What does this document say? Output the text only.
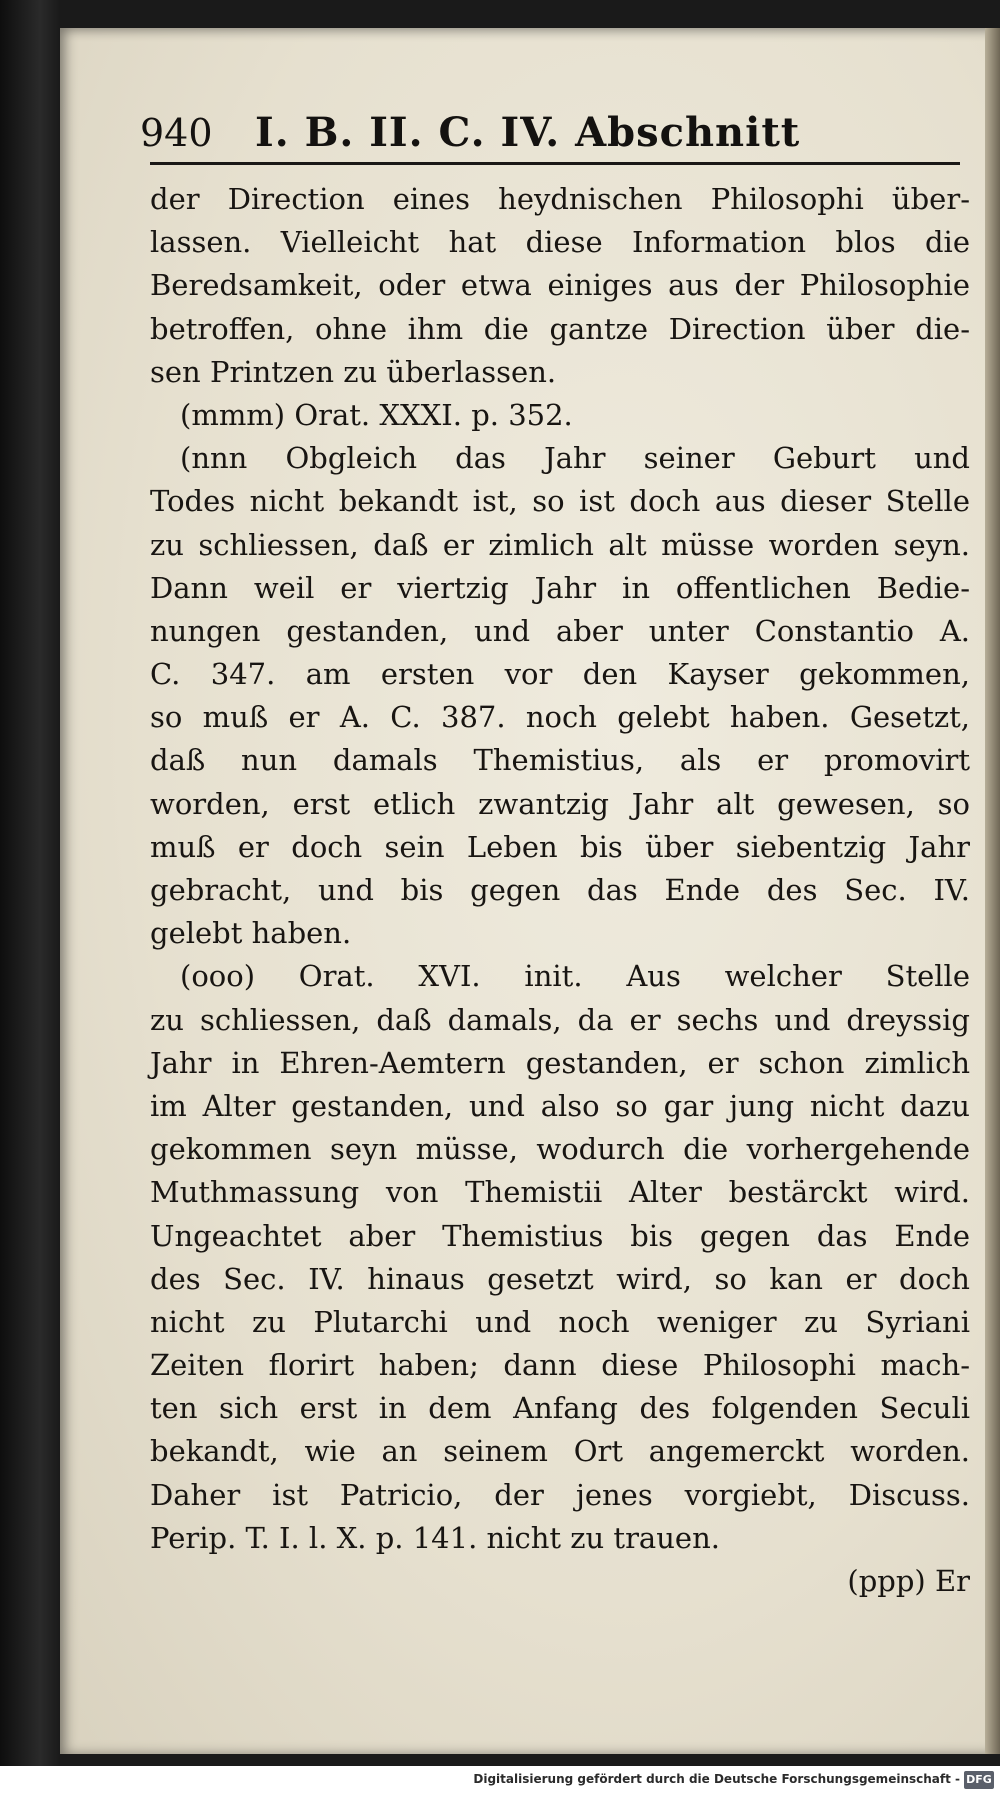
940 I. B. II. C. IV. Abschnitt
der Direction eines heydnischen Philosophi über-
lassen. Vielleicht hat diese Information blos die
Beredsamkeit, oder etwa einiges aus der Philosophie
betroffen, ohne ihm die gantze Direction über die-
sen Printzen zu überlassen.
(mmm) Orat. XXXI. p. 352.
(nnn Obgleich das Jahr seiner Geburt und
Todes nicht bekandt ist, so ist doch aus dieser Stelle
zu schliessen, daß er zimlich alt müsse worden seyn.
Dann weil er viertzig Jahr in offentlichen Bedie-
nungen gestanden, und aber unter Constantio A.
C. 347. am ersten vor den Kayser gekommen,
so muß er A. C. 387. noch gelebt haben. Gesetzt,
daß nun damals Themistius, als er promovirt
worden, erst etlich zwantzig Jahr alt gewesen, so
muß er doch sein Leben bis über siebentzig Jahr
gebracht, und bis gegen das Ende des Sec. IV.
gelebt haben.
(ooo) Orat. XVI. init. Aus welcher Stelle
zu schliessen, daß damals, da er sechs und dreyssig
Jahr in Ehren-Aemtern gestanden, er schon zimlich
im Alter gestanden, und also so gar jung nicht dazu
gekommen seyn müsse, wodurch die vorhergehende
Muthmassung von Themistii Alter bestärckt wird.
Ungeachtet aber Themistius bis gegen das Ende
des Sec. IV. hinaus gesetzt wird, so kan er doch
nicht zu Plutarchi und noch weniger zu Syriani
Zeiten florirt haben; dann diese Philosophi mach-
ten sich erst in dem Anfang des folgenden Seculi
bekandt, wie an seinem Ort angemerckt worden.
Daher ist Patricio, der jenes vorgiebt, Discuss.
Perip. T. I. l. X. p. 141. nicht zu trauen.
(ppp) Er
Digitalisierung gefördert durch die Deutsche Forschungsgemeinschaft - DFG
